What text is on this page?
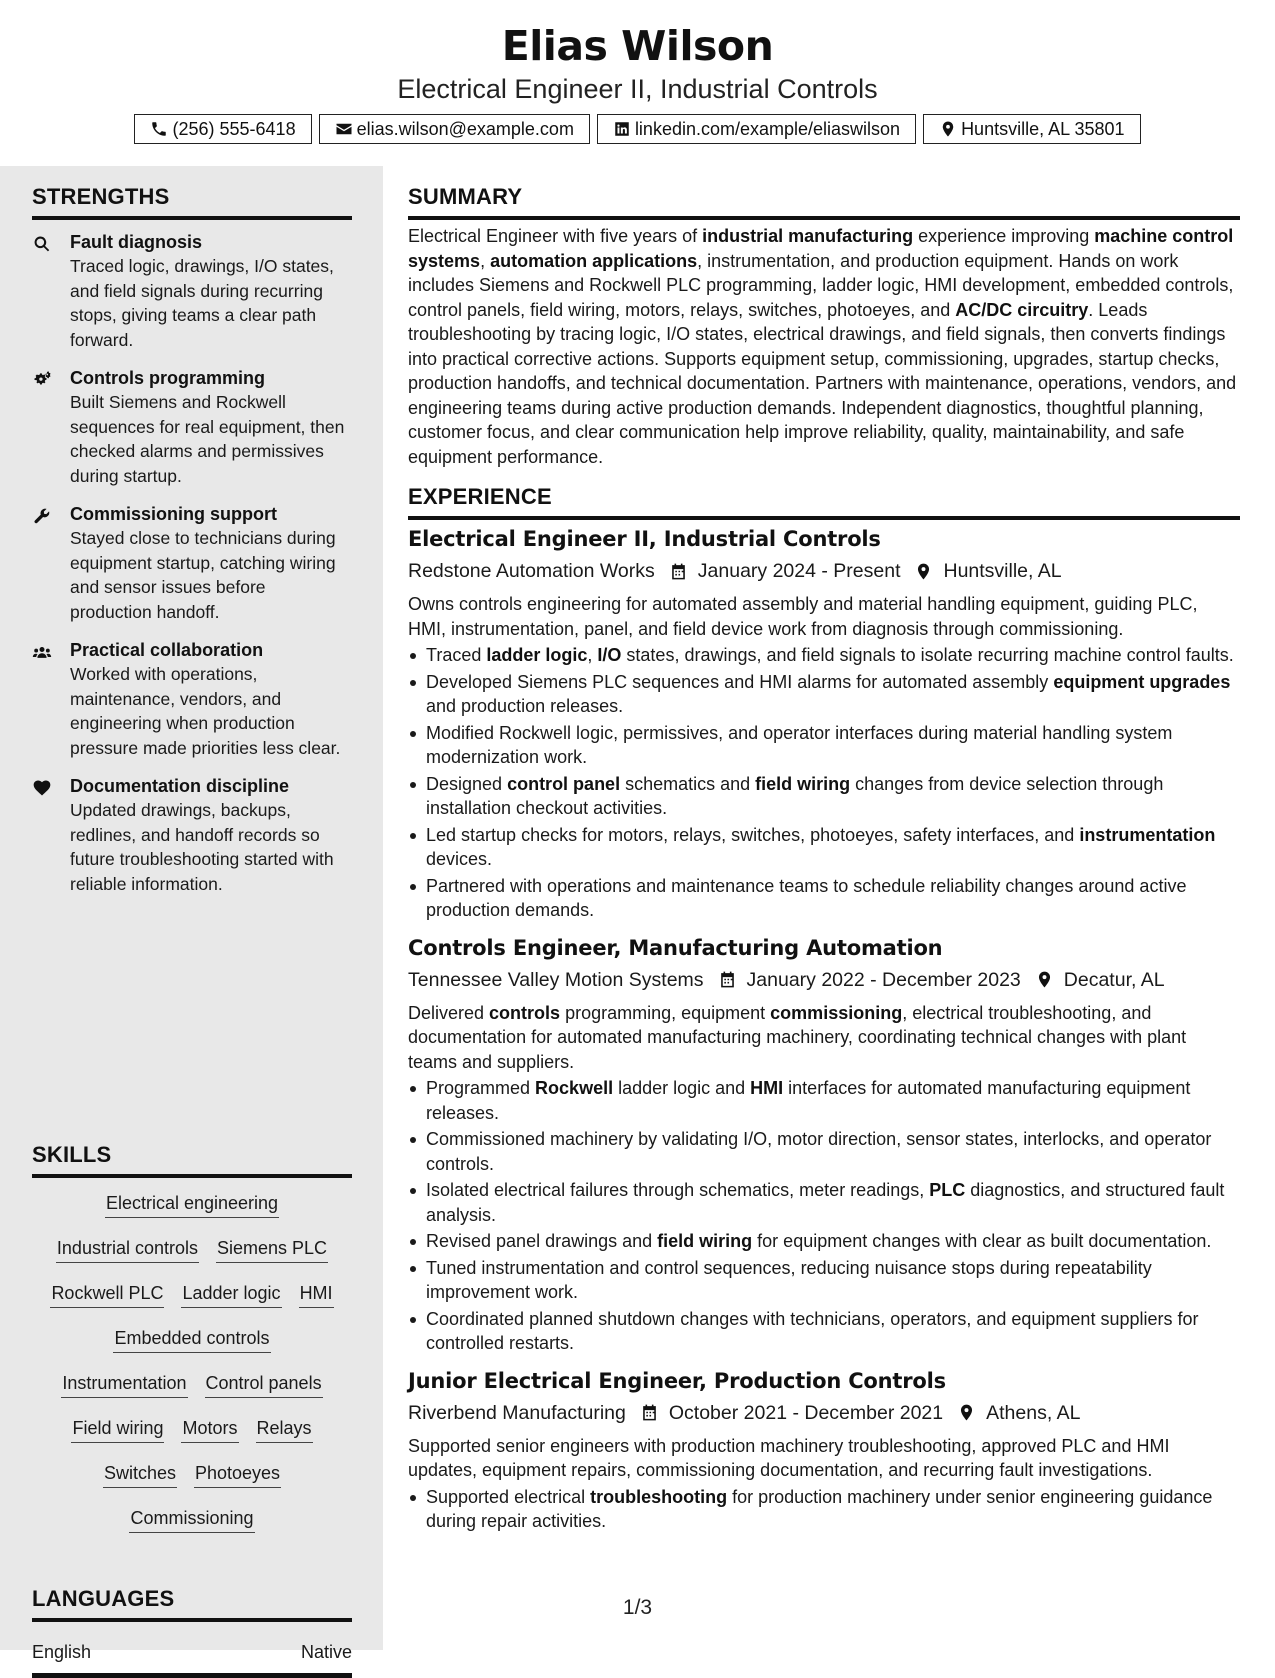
Elias Wilson
Electrical Engineer II, Industrial Controls
(256) 555-6418	elias.wilson@example.com	linkedin.com/example/eliaswilson	Huntsville, AL 35801
STRENGTHS
Fault diagnosis
Traced logic, drawings, I/O states, and field signals during recurring stops, giving teams a clear path forward.
Controls programming
Built Siemens and Rockwell sequences for real equipment, then checked alarms and permissives during startup.
Commissioning support
Stayed close to technicians during equipment startup, catching wiring and sensor issues before production handoff.
Practical collaboration
Worked with operations, maintenance, vendors, and engineering when production pressure made priorities less clear.
Documentation discipline
Updated drawings, backups, redlines, and handoff records so future troubleshooting started with reliable information.
SKILLS
Electrical engineering
Industrial controls Siemens PLC
Rockwell PLC Ladder logic HMI
Embedded controls
Instrumentation Control panels
Field wiring Motors Relays
Switches Photoeyes
Commissioning
LANGUAGES
English	Native
SUMMARY
Electrical Engineer with five years of industrial manufacturing experience improving machine control systems, automation applications, instrumentation, and production equipment. Hands on work includes Siemens and Rockwell PLC programming, ladder logic, HMI development, embedded controls, control panels, field wiring, motors, relays, switches, photoeyes, and AC/DC circuitry. Leads troubleshooting by tracing logic, I/O states, electrical drawings, and field signals, then converts findings into practical corrective actions. Supports equipment setup, commissioning, upgrades, startup checks, production handoffs, and technical documentation. Partners with maintenance, operations, vendors, and engineering teams during active production demands. Independent diagnostics, thoughtful planning, customer focus, and clear communication help improve reliability, quality, maintainability, and safe equipment performance.
EXPERIENCE
Electrical Engineer II, Industrial Controls
Redstone Automation Works January 2024 - Present Huntsville, AL
Owns controls engineering for automated assembly and material handling equipment, guiding PLC, HMI, instrumentation, panel, and field device work from diagnosis through commissioning.
Traced ladder logic, I/O states, drawings, and field signals to isolate recurring machine control faults.
Developed Siemens PLC sequences and HMI alarms for automated assembly equipment upgrades and production releases.
Modified Rockwell logic, permissives, and operator interfaces during material handling system modernization work.
Designed control panel schematics and field wiring changes from device selection through installation checkout activities.
Led startup checks for motors, relays, switches, photoeyes, safety interfaces, and instrumentation devices.
Partnered with operations and maintenance teams to schedule reliability changes around active production demands.
Controls Engineer, Manufacturing Automation
Tennessee Valley Motion Systems January 2022 - December 2023 Decatur, AL
Delivered controls programming, equipment commissioning, electrical troubleshooting, and documentation for automated manufacturing machinery, coordinating technical changes with plant teams and suppliers.
Programmed Rockwell ladder logic and HMI interfaces for automated manufacturing equipment releases.
Commissioned machinery by validating I/O, motor direction, sensor states, interlocks, and operator controls.
Isolated electrical failures through schematics, meter readings, PLC diagnostics, and structured fault analysis.
Revised panel drawings and field wiring for equipment changes with clear as built documentation.
Tuned instrumentation and control sequences, reducing nuisance stops during repeatability improvement work.
Coordinated planned shutdown changes with technicians, operators, and equipment suppliers for controlled restarts.
Junior Electrical Engineer, Production Controls
Riverbend Manufacturing October 2021 - December 2021 Athens, AL
Supported senior engineers with production machinery troubleshooting, approved PLC and HMI updates, equipment repairs, commissioning documentation, and recurring fault investigations.
Supported electrical troubleshooting for production machinery under senior engineering guidance during repair activities.
1/3
